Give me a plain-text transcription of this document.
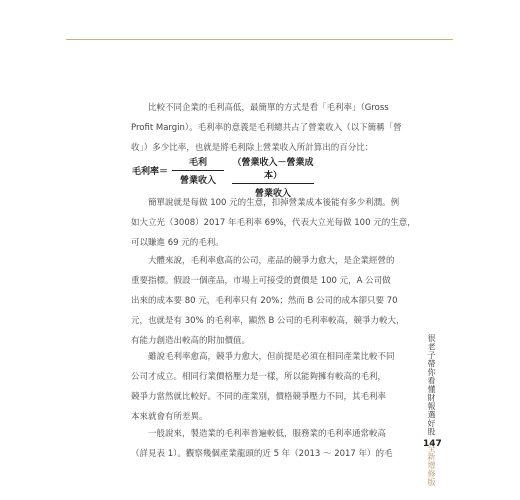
比較不同企業的毛利高低，最簡單的方式是看「毛利率」（Gross
Profit Margin）。毛利率的意義是毛利總共占了營業收入（以下簡稱「營
收」）多少比率，也就是將毛利除上營業收入所計算出的百分比：
毛利率＝
毛利
營業收入
（營業收入－營業成本）
營業收入
簡單說就是每做 100 元的生意，扣掉營業成本後能有多少利潤。例
如大立光（3008）2017 年毛利率 69%，代表大立光每做 100 元的生意，
可以賺進 69 元的毛利。
大體來說，毛利率愈高的公司，產品的競爭力愈大，是企業經營的
重要指標。假設一個產品，市場上可接受的賣價是 100 元，A 公司做
出來的成本要 80 元，毛利率只有 20%；然而 B 公司的成本卻只要 70
元，也就是有 30% 的毛利率，顯然 B 公司的毛利率較高，競爭力較大，
有能力創造出較高的附加價值。
雖說毛利率愈高，競爭力愈大，但前提是必須在相同產業比較不同
公司才成立。相同行業價格壓力是一樣，所以能夠擁有較高的毛利，
競爭力當然就比較好。不同的產業別，價格競爭壓力不同，其毛利率
本來就會有所差異。
一般說來，製造業的毛利率普遍較低，服務業的毛利率通常較高
（詳見表 1）。觀察幾個產業龍頭的近 5 年（2013 ～ 2017 年）的毛
很老子帶你看懂財報選好股 全新增修版
147
